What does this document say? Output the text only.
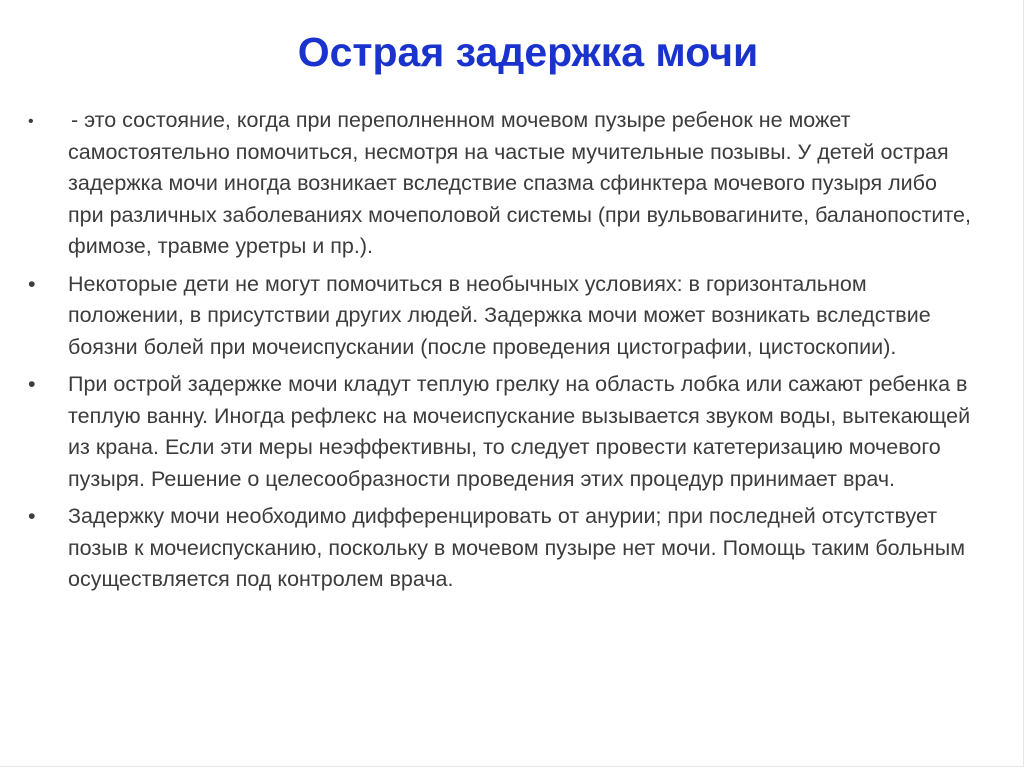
Острая задержка мочи
•	- это состояние, когда при переполненном мочевом пузыре ребенок не может самостоятельно помочиться, несмотря на частые мучительные позывы. У детей острая задержка мочи иногда возникает вследствие спазма сфинктера мочевого пузыря либо при различных заболеваниях мочеполовой системы (при вульвовагините, баланопостите, фимозе, травме уретры и пр.).
•	Некоторые дети не могут помочиться в необычных условиях: в горизонтальном положении, в присутствии других людей. Задержка мочи может возникать вследствие боязни болей при мочеиспускании (после проведения цистографии, цистоскопии).
•	При острой задержке мочи кладут теплую грелку на область лобка или сажают ребенка в теплую ванну. Иногда рефлекс на мочеиспускание вызывается звуком воды, вытекающей из крана. Если эти меры неэффективны, то следует провести катетеризацию мочевого пузыря. Решение о целесообразности проведения этих процедур принимает врач.
•	Задержку мочи необходимо дифференцировать от анурии; при последней отсутствует позыв к мочеиспусканию, поскольку в мочевом пузыре нет мочи. Помощь таким больным осуществляется под контролем врача.
